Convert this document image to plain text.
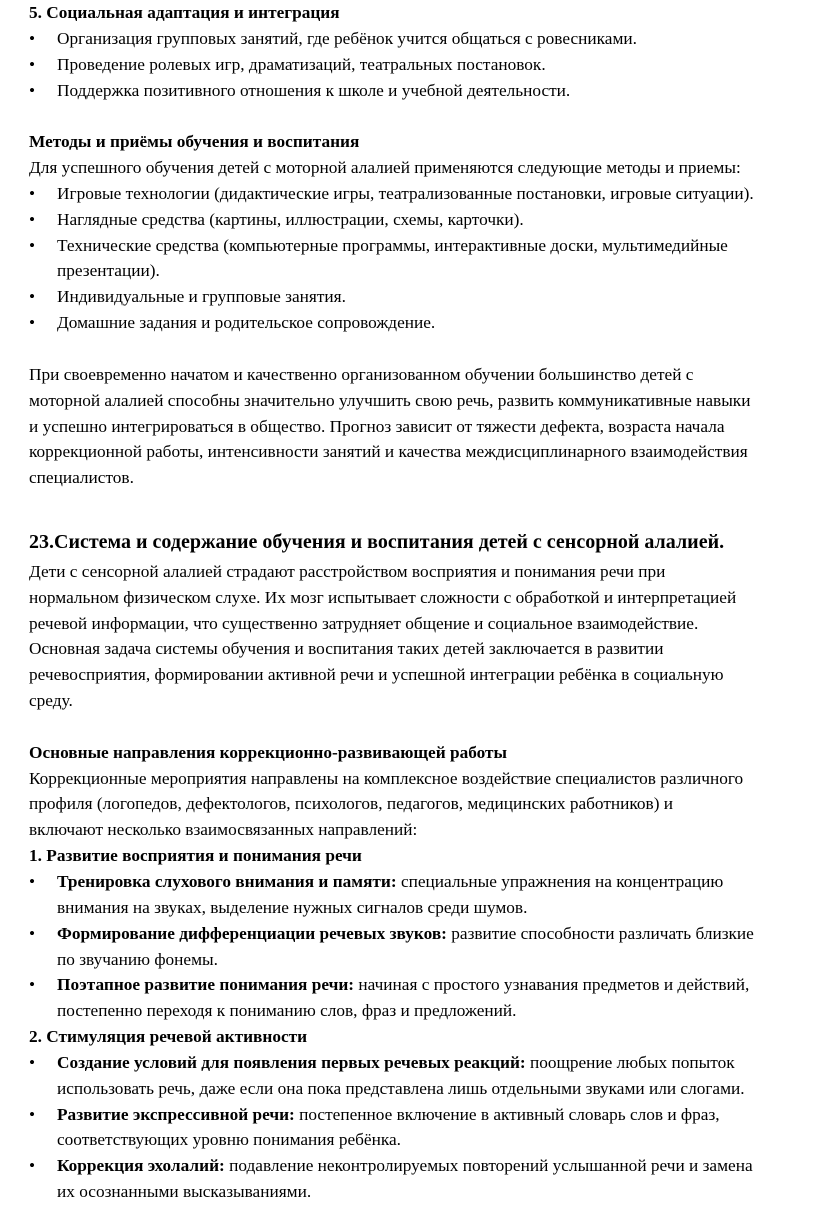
5. Социальная адаптация и интеграция
•	Организация групповых занятий, где ребёнок учится общаться с ровесниками.
•	Проведение ролевых игр, драматизаций, театральных постановок.
•	Поддержка позитивного отношения к школе и учебной деятельности.
Методы и приёмы обучения и воспитания
Для успешного обучения детей с моторной алалией применяются следующие методы и приемы:
•	Игровые технологии (дидактические игры, театрализованные постановки, игровые ситуации).
•	Наглядные средства (картины, иллюстрации, схемы, карточки).
•	Технические средства (компьютерные программы, интерактивные доски, мультимедийные
презентации).
•	Индивидуальные и групповые занятия.
•	Домашние задания и родительское сопровождение.
При своевременно начатом и качественно организованном обучении большинство детей с
моторной алалией способны значительно улучшить свою речь, развить коммуникативные навыки
и успешно интегрироваться в общество. Прогноз зависит от тяжести дефекта, возраста начала
коррекционной работы, интенсивности занятий и качества междисциплинарного взаимодействия
специалистов.
23.Система и содержание обучения и воспитания детей с сенсорной алалией.
Дети с сенсорной алалией страдают расстройством восприятия и понимания речи при
нормальном физическом слухе. Их мозг испытывает сложности с обработкой и интерпретацией
речевой информации, что существенно затрудняет общение и социальное взаимодействие.
Основная задача системы обучения и воспитания таких детей заключается в развитии
речевосприятия, формировании активной речи и успешной интеграции ребёнка в социальную
среду.
Основные направления коррекционно-развивающей работы
Коррекционные мероприятия направлены на комплексное воздействие специалистов различного
профиля (логопедов, дефектологов, психологов, педагогов, медицинских работников) и
включают несколько взаимосвязанных направлений:
1. Развитие восприятия и понимания речи
•	Тренировка слухового внимания и памяти: специальные упражнения на концентрацию
внимания на звуках, выделение нужных сигналов среди шумов.
•	Формирование дифференциации речевых звуков: развитие способности различать близкие
по звучанию фонемы.
•	Поэтапное развитие понимания речи: начиная с простого узнавания предметов и действий,
постепенно переходя к пониманию слов, фраз и предложений.
2. Стимуляция речевой активности
•	Создание условий для появления первых речевых реакций: поощрение любых попыток
использовать речь, даже если она пока представлена лишь отдельными звуками или слогами.
•	Развитие экспрессивной речи: постепенное включение в активный словарь слов и фраз,
соответствующих уровню понимания ребёнка.
•	Коррекция эхолалий: подавление неконтролируемых повторений услышанной речи и замена
их осознанными высказываниями.
